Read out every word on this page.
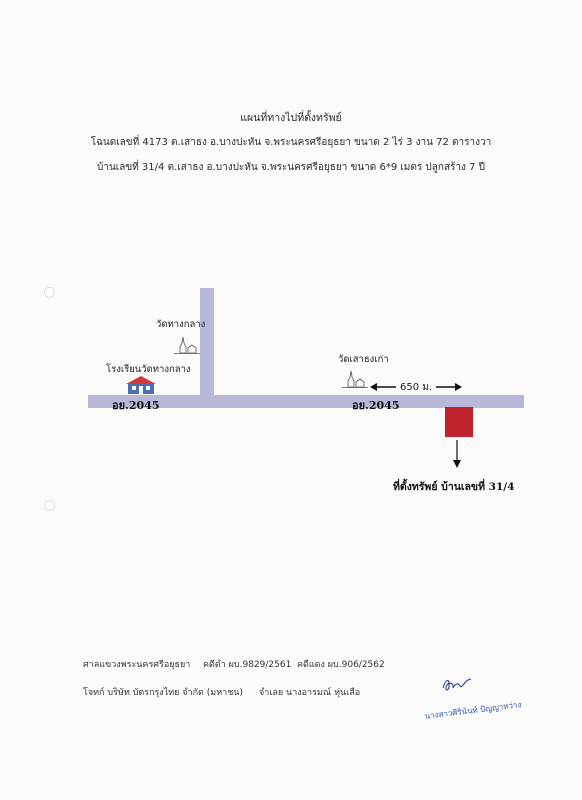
แผนที่ทางไปที่ตั้งทรัพย์
โฉนดเลขที่ 4173 ต.เสาธง อ.บางปะหัน จ.พระนครศรีอยุธยา ขนาด 2 ไร่ 3 งาน 72 ตารางวา
บ้านเลขที่ 31/4 ต.เสาธง อ.บางปะหัน จ.พระนครศรีอยุธยา ขนาด 6*9 เมตร ปลูกสร้าง 7 ปี
วัดทางกลาง
โรงเรียนวัดทางกลาง
อย.2045
วัดเสาธงเก่า
650 ม.
อย.2045
ที่ตั้งทรัพย์ บ้านเลขที่ 31/4
ศาลแขวงพระนครศรีอยุธยา คดีดำ ผบ.9829/2561 คดีแดง ผบ.906/2562
โจทก์ บริษัท บัตรกรุงไทย จำกัด (มหาชน) จำเลย นางอารมณ์ หุ่นเสือ
นางสาวศิรินันท์ ปัญญาหว่าง
